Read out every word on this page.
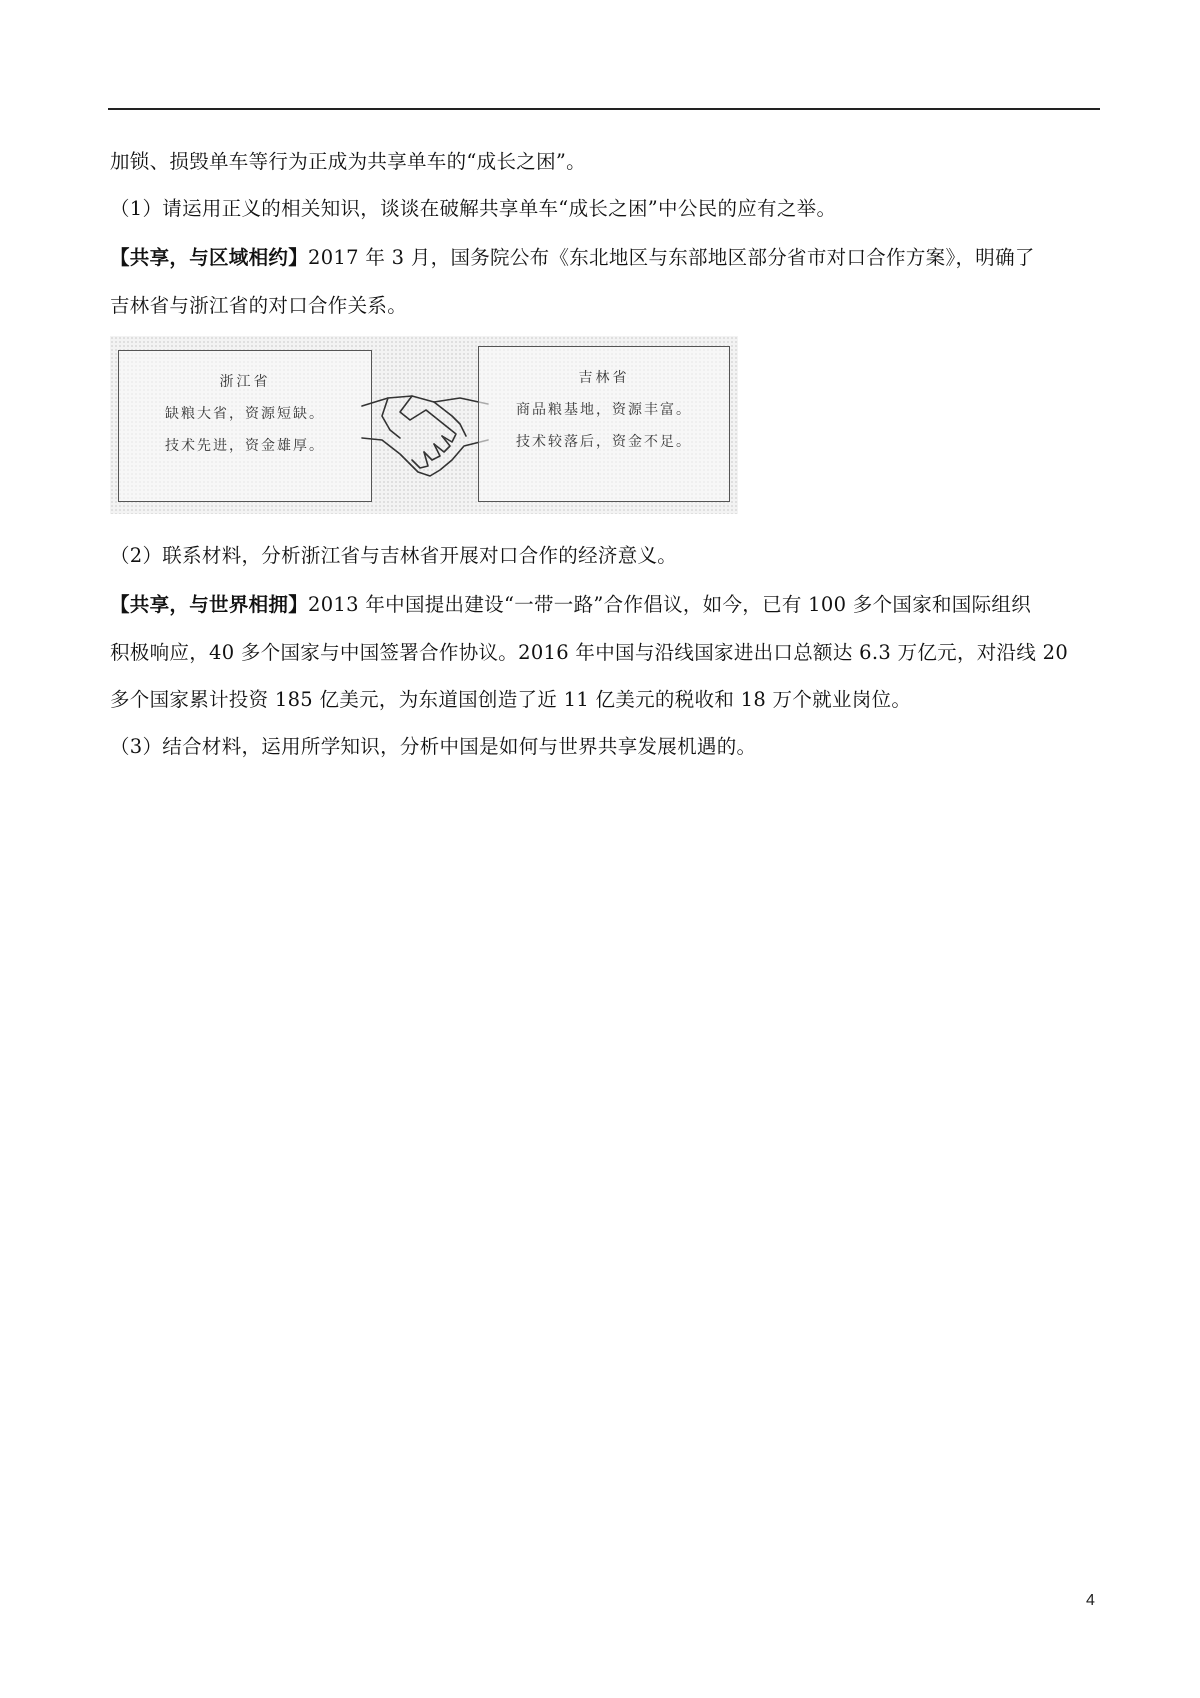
加锁、损毁单车等行为正成为共享单车的“成长之困”。

（1）请运用正义的相关知识，谈谈在破解共享单车“成长之困”中公民的应有之举。

【共享，与区域相约】2017 年 3 月，国务院公布《东北地区与东部地区部分省市对口合作方案》，明确了

吉林省与浙江省的对口合作关系。

浙江省
缺粮大省，资源短缺。
技术先进，资金雄厚。
吉林省
商品粮基地，资源丰富。
技术较落后，资金不足。

（2）联系材料，分析浙江省与吉林省开展对口合作的经济意义。

【共享，与世界相拥】2013 年中国提出建设“一带一路”合作倡议，如今，已有 100 多个国家和国际组织

积极响应，40 多个国家与中国签署合作协议。2016 年中国与沿线国家进出口总额达 6.3 万亿元，对沿线 20

多个国家累计投资 185 亿美元，为东道国创造了近 11 亿美元的税收和 18 万个就业岗位。

（3）结合材料，运用所学知识，分析中国是如何与世界共享发展机遇的。

4
